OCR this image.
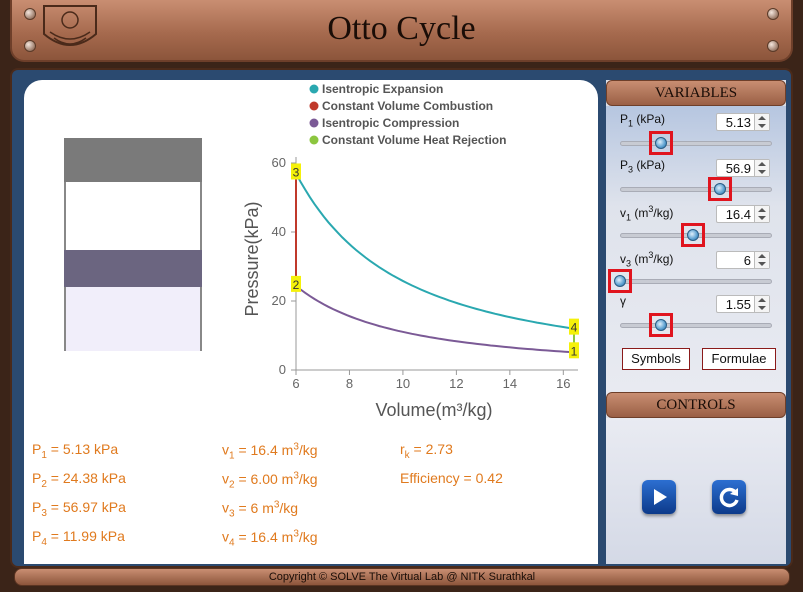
Otto Cycle
Isentropic Expansion
Constant Volume Combustion
Isentropic Compression
Constant Volume Heat Rejection
0
20
40
60
6	8	10	12	14	16
1
2
3
4
Pressure(kPa)
Volume(m³/kg)
$P_1 = 5.13$ kPa
$P_2 = 24.38$ kPa
$P_3 = 56.97$ kPa
$P_4 = 11.99$ kPa
$v_1 = 16.4$ $m^3/kg$
$v_2 = 6.00$ $m^3/kg$
$v_3 = 6$ $m^3/kg$
$v_4 = 16.4$ $m^3/kg$
$r_k = 2.73$
Efficiency = 0.42
VARIABLES
CONTROLS
$P_1$ (kPa)	5.13
$P_3$ (kPa)	56.9
$v_1$ $(m^3/kg)$	16.4
$v_3$ $(m^3/kg)$	6
γ	1.55
Symbols	Formulae
Copyright © SOLVE The Virtual Lab @ NITK Surathkal
